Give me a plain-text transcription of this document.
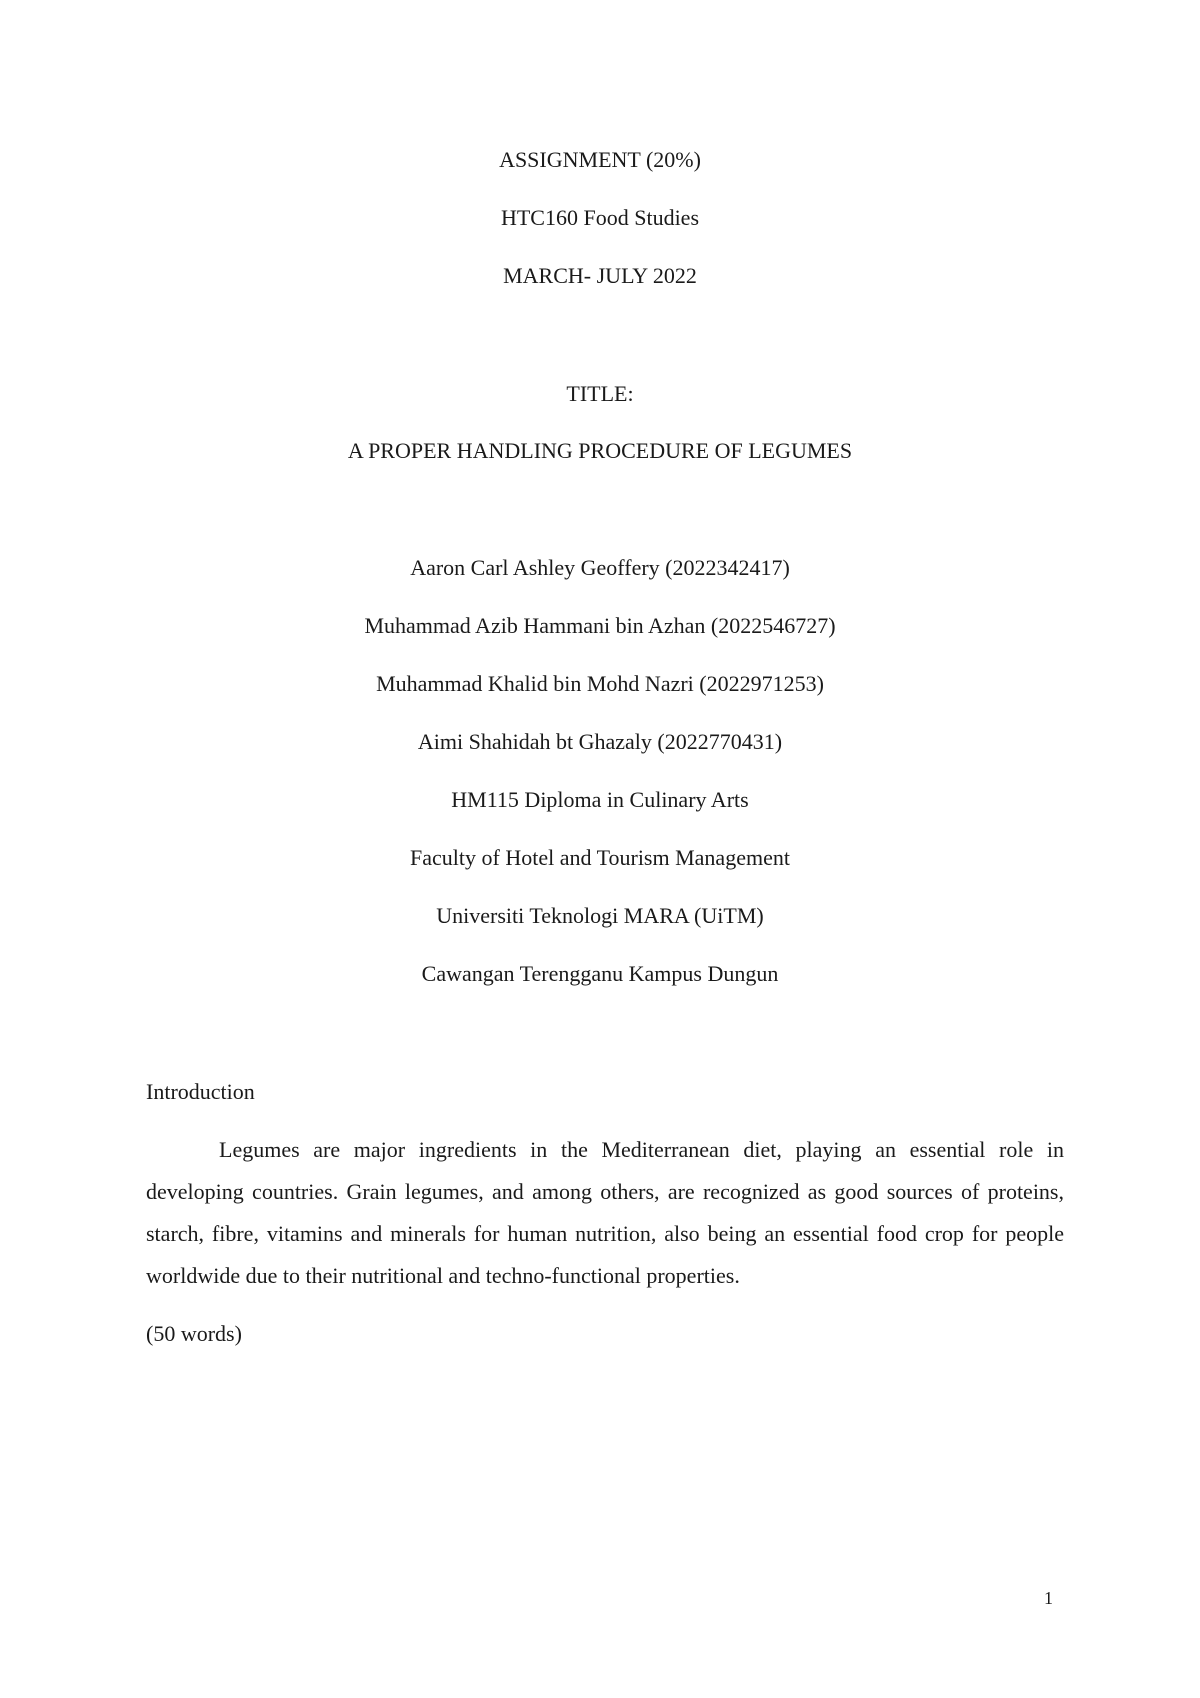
ASSIGNMENT (20%)
HTC160 Food Studies
MARCH- JULY 2022
TITLE:
A PROPER HANDLING PROCEDURE OF LEGUMES
Aaron Carl Ashley Geoffery (2022342417)
Muhammad Azib Hammani bin Azhan (2022546727)
Muhammad Khalid bin Mohd Nazri (2022971253)
Aimi Shahidah bt Ghazaly (2022770431)
HM115 Diploma in Culinary Arts
Faculty of Hotel and Tourism Management
Universiti Teknologi MARA (UiTM)
Cawangan Terengganu Kampus Dungun
Introduction
Legumes are major ingredients in the Mediterranean diet, playing an essential role in developing countries. Grain legumes, and among others, are recognized as good sources of proteins, starch, fibre, vitamins and minerals for human nutrition, also being an essential food crop for people worldwide due to their nutritional and techno-functional properties.
(50 words)
1
